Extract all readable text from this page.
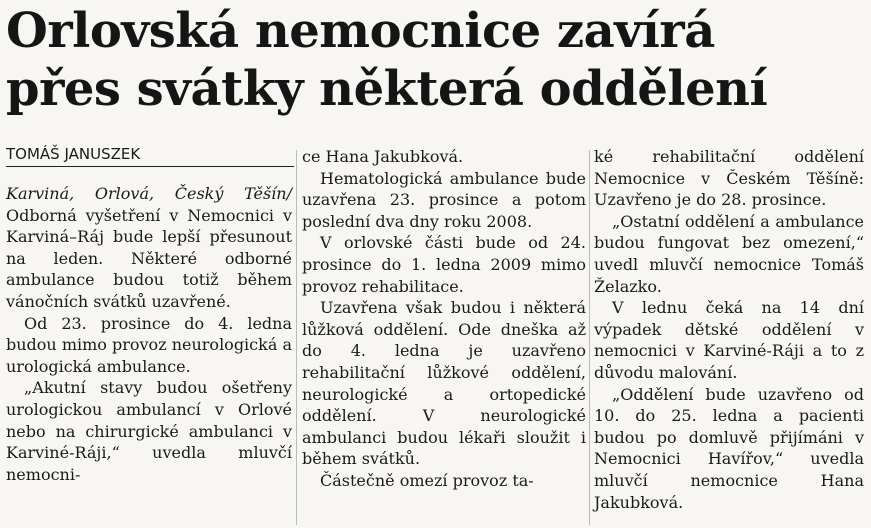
Orlovská nemocnice zavírá
přes svátky některá oddělení
TOMÁŠ JANUSZEK

Karviná, Orlová, Český Těšín/ Odborná vyšetření v Nemocnici v Karviná–Ráj bude lepší přesunout na leden. Některé odborné ambulance budou totiž během vánočních svátků uzavřené.

Od 23. prosince do 4. ledna budou mimo provoz neurologická a urologická ambulance.

„Akutní stavy budou ošetřeny urologickou ambulancí v Orlové nebo na chirurgické ambulanci v Karviné-Ráji,“ uvedla mluvčí nemocni-

ce Hana Jakubková.

Hematologická ambulance bude uzavřena 23. prosince a potom poslední dva dny roku 2008.

V orlovské části bude od 24. prosince do 1. ledna 2009 mimo provoz rehabilitace.

Uzavřena však budou i některá lůžková oddělení. Ode dneška až do 4. ledna je uzavřeno rehabilitační lůžkové oddělení, neurologické a ortopedické oddělení. V neurologické ambulanci budou lékaři sloužit i během svátků.

Částečně omezí provoz ta-

ké rehabilitační oddělení Nemocnice v Českém Těšíně: Uzavřeno je do 28. prosince.

„Ostatní oddělení a ambulance budou fungovat bez omezení,“ uvedl mluvčí nemocnice Tomáš Želazko.

V lednu čeká na 14 dní výpadek dětské oddělení v nemocnici v Karviné-Ráji a to z důvodu malování.

„Oddělení bude uzavřeno od 10. do 25. ledna a pacienti budou po domluvě přijímáni v Nemocnici Havířov,“ uvedla mluvčí nemocnice Hana Jakubková.
